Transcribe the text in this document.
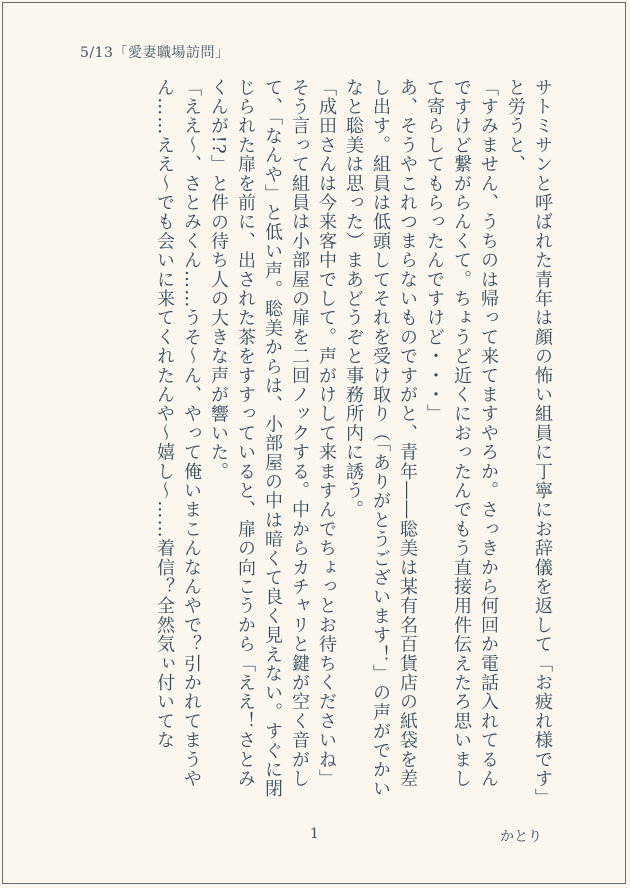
5/13「愛妻職場訪問」

サトミサンと呼ばれた青年は顔の怖い組員に丁寧にお辞儀を返して「お疲れ様です」と労うと、

「すみません、うちのは帰って来てますやろか。さっきから何回か電話入れてるんですけど繋がらんくて。ちょうど近くにおったんでもう直接用件伝えたろ思いまして寄らしてもらったんですけど・・・」

あ、そうやこれつまらないものですがと、青年――聡美は某有名百貨店の紙袋を差し出す。組員は低頭してそれを受け取り（「ありがとうございます！」の声がでかいなと聡美は思った）まあどうぞと事務所内に誘う。

「成田さんは今来客中でして。声がけして来ますんでちょっとお待ちくださいね」

そう言って組員は小部屋の扉を二回ノックする。中からカチャリと鍵が空く音がして、「なんや」と低い声。聡美からは、小部屋の中は暗くて良く見えない。すぐに閉じられた扉を前に、出された茶をすすっていると、扉の向こうから「ええ！さとみくんが!?」と件の待ち人の大きな声が響いた。

「ええ〜、さとみくん……うそ〜ん、やって俺いまこんなんやで？引かれてまうやん……ええ〜でも会いに来てくれたんや〜嬉し〜……着信？全然気ぃ付いてな

1	かとり
